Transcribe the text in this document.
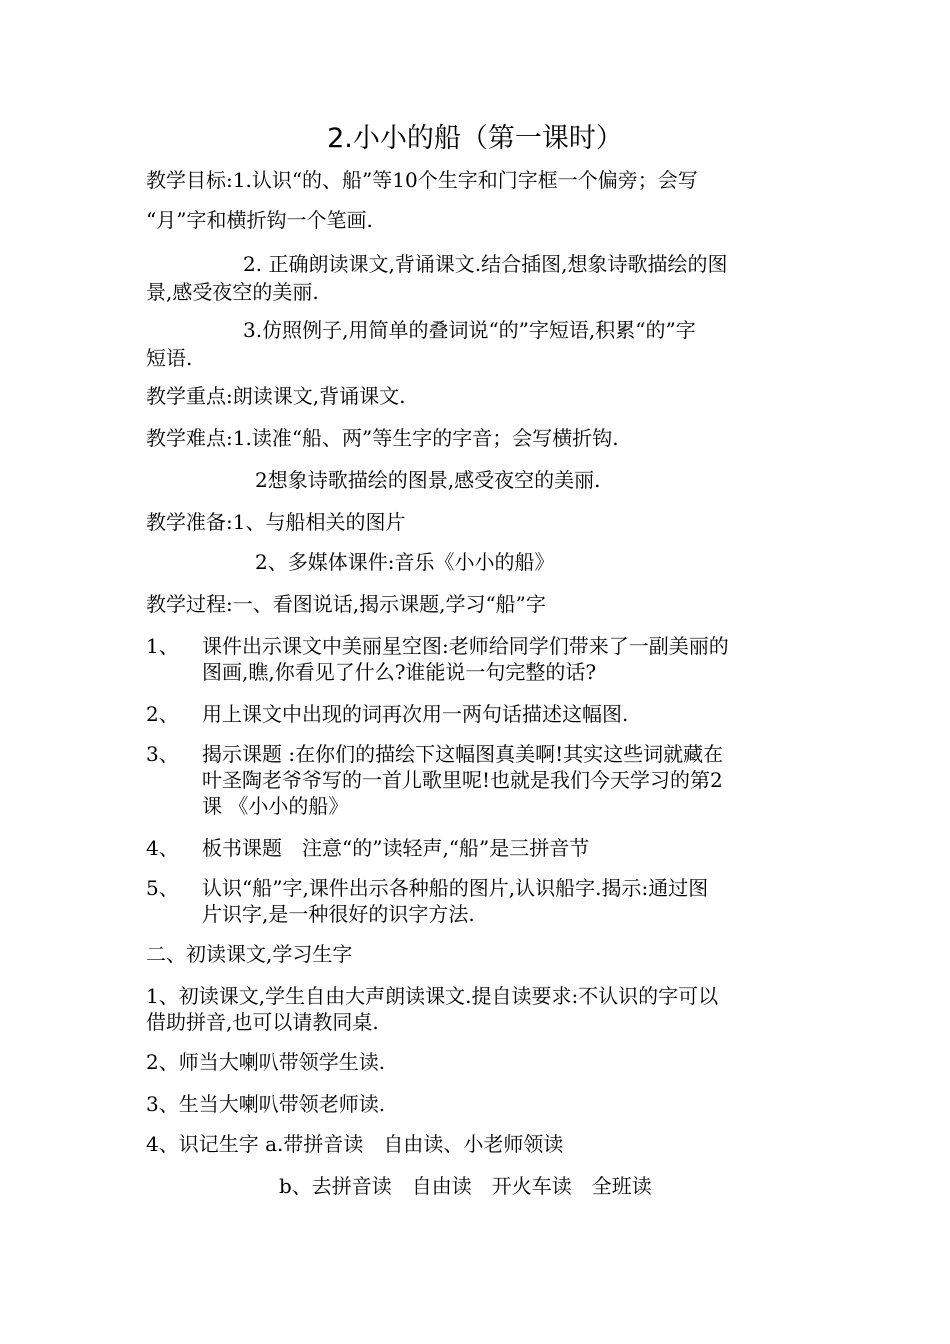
2.小小的船（第一课时）
教学目标:1.认识“的、船”等10个生字和门字框一个偏旁；会写
“月”字和横折钩一个笔画.
2. 正确朗读课文,背诵课文.结合插图,想象诗歌描绘的图
景,感受夜空的美丽.
3.仿照例子,用简单的叠词说“的”字短语,积累“的”字
短语.
教学重点:朗读课文,背诵课文.
教学难点:1.读准“船、两”等生字的字音；会写横折钩.
2想象诗歌描绘的图景,感受夜空的美丽.
教学准备:1、与船相关的图片
2、多媒体课件:音乐《小小的船》
教学过程:一、看图说话,揭示课题,学习“船”字
1、 课件出示课文中美丽星空图:老师给同学们带来了一副美丽的
图画,瞧,你看见了什么?谁能说一句完整的话?
2、 用上课文中出现的词再次用一两句话描述这幅图.
3、 揭示课题 :在你们的描绘下这幅图真美啊!其实这些词就藏在
叶圣陶老爷爷写的一首儿歌里呢!也就是我们今天学习的第2
课 《小小的船》
4、 板书课题　注意“的”读轻声,“船”是三拼音节
5、 认识“船”字,课件出示各种船的图片,认识船字.揭示:通过图
片识字,是一种很好的识字方法.
二、初读课文,学习生字
1、初读课文,学生自由大声朗读课文.提自读要求:不认识的字可以
借助拼音,也可以请教同桌.
2、师当大喇叭带领学生读.
3、生当大喇叭带领老师读.
4、识记生字 a.带拼音读　自由读、小老师领读
b、去拼音读　自由读　开火车读　全班读
